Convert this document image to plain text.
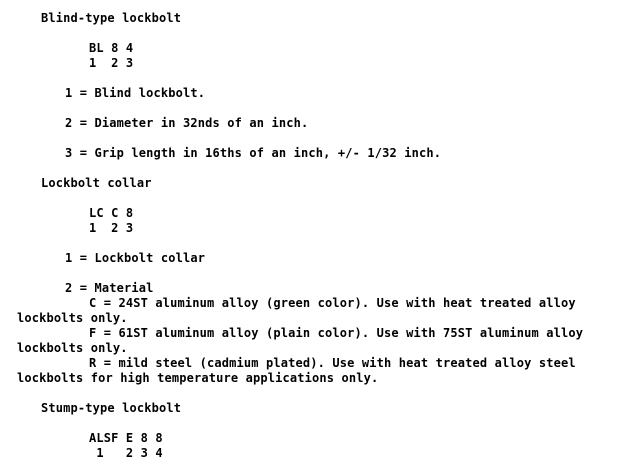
Blind-type lockbolt
BL 8 4
1  2 3
1 = Blind lockbolt.
2 = Diameter in 32nds of an inch.
3 = Grip length in 16ths of an inch, +/- 1/32 inch.
Lockbolt collar
LC C 8
1  2 3
1 = Lockbolt collar
2 = Material
C = 24ST aluminum alloy (green color). Use with heat treated alloy
lockbolts only.
F = 61ST aluminum alloy (plain color). Use with 75ST aluminum alloy
lockbolts only.
R = mild steel (cadmium plated). Use with heat treated alloy steel
lockbolts for high temperature applications only.
Stump-type lockbolt
ALSF E 8 8
1   2 3 4
